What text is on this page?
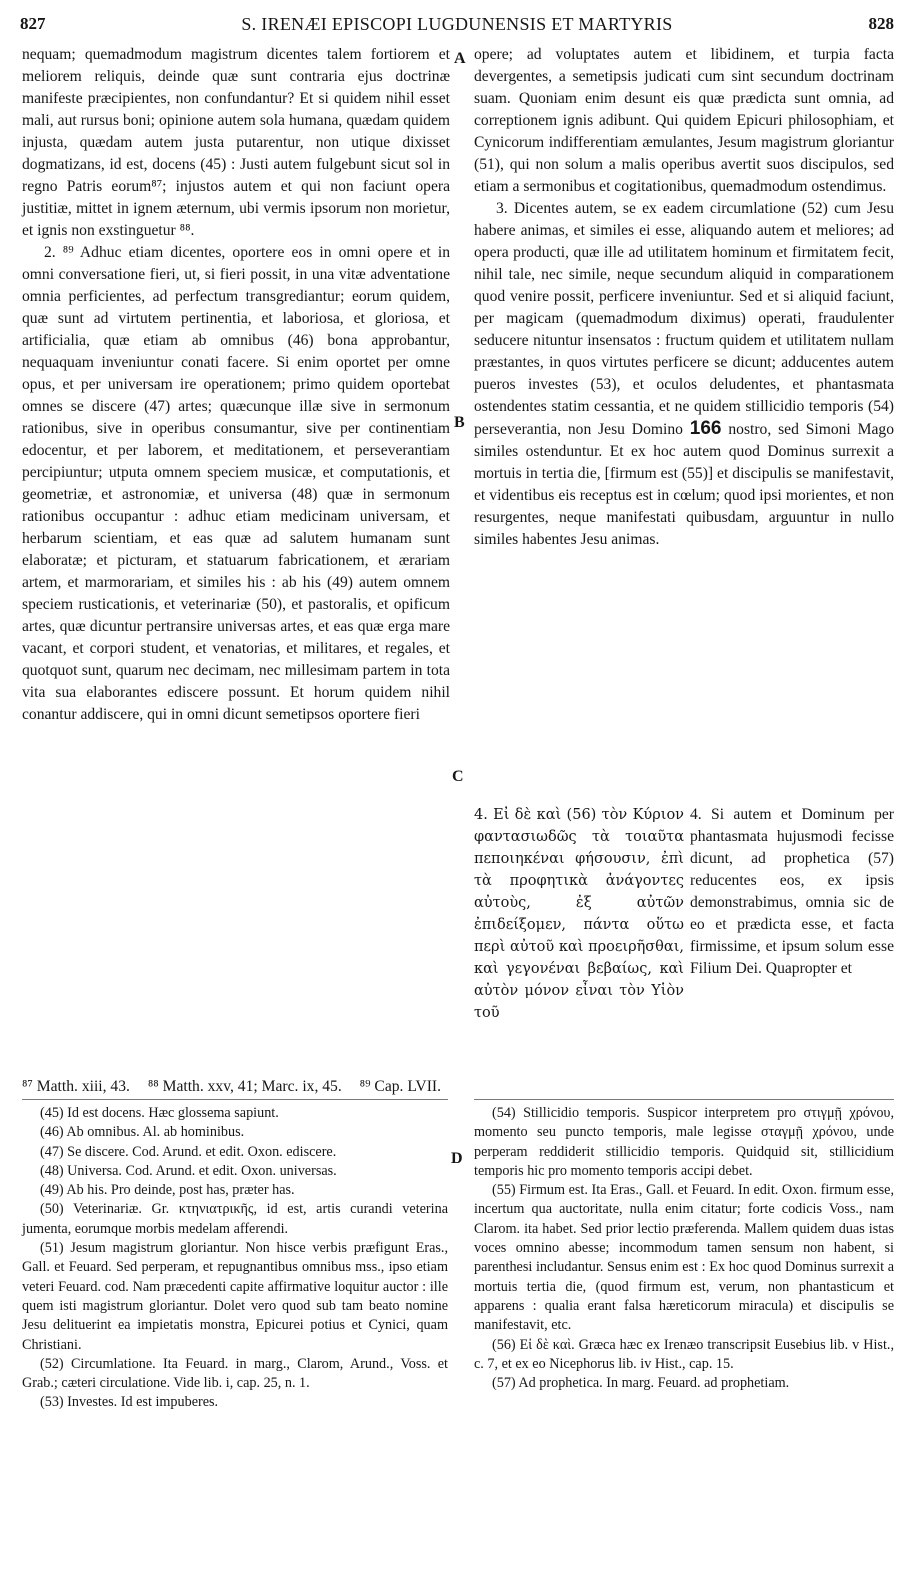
827	S. IRENÆI EPISCOPI LUGDUNENSIS ET MARTYRIS	828

nequam; quemadmodum magistrum dicentes talem fortiorem et meliorem reliquis, deinde quæ sunt contraria ejus doctrinæ manifeste præcipientes, non confundantur? Et si quidem nihil esset mali, aut rursus boni; opinione autem sola humana, quædam quidem injusta, quædam autem justa putarentur, non utique dixisset dogmatizans, id est, docens (45) : Justi autem fulgebunt sicut sol in regno Patris eorum⁸⁷; injustos autem et qui non faciunt opera justitiæ, mittet in ignem æternum, ubi vermis ipsorum non morietur, et ignis non exstinguetur ⁸⁸.

2. ⁸⁹ Adhuc etiam dicentes, oportere eos in omni opere et in omni conversatione fieri, ut, si fieri possit, in una vitæ adventatione omnia perficientes, ad perfectum transgrediantur; eorum quidem, quæ sunt ad virtutem pertinentia, et laboriosa, et gloriosa, et artificialia, quæ etiam ab omnibus (46) bona approbantur, nequaquam inveniuntur conati facere. Si enim oportet per omne opus, et per universam ire operationem; primo quidem oportebat omnes se discere (47) artes; quæcunque illæ sive in sermonum rationibus, sive in operibus consumantur, sive per continentiam edocentur, et per laborem, et meditationem, et perseverantiam percipiuntur; utputa omnem speciem musicæ, et computationis, et geometriæ, et astronomiæ, et universa (48) quæ in sermonum rationibus occupantur : adhuc etiam medicinam universam, et herbarum scientiam, et eas quæ ad salutem humanam sunt elaboratæ; et picturam, et statuarum fabricationem, et ærariam artem, et marmorariam, et similes his : ab his (49) autem omnem speciem rusticationis, et veterinariæ (50), et pastoralis, et opificum artes, quæ dicuntur pertransire universas artes, et eas quæ erga mare vacant, et corpori student, et venatorias, et militares, et regales, et quotquot sunt, quarum nec decimam, nec millesimam partem in tota vita sua elaborantes ediscere possunt. Et horum quidem nihil conantur addiscere, qui in omni dicunt semetipsos oportere fieri

A
B
C
D

opere; ad voluptates autem et libidinem, et turpia facta devergentes, a semetipsis judicati cum sint secundum doctrinam suam. Quoniam enim desunt eis quæ prædicta sunt omnia, ad correptionem ignis adibunt. Qui quidem Epicuri philosophiam, et Cynicorum indifferentiam æmulantes, Jesum magistrum gloriantur (51), qui non solum a malis operibus avertit suos discipulos, sed etiam a sermonibus et cogitationibus, quemadmodum ostendimus.

3. Dicentes autem, se ex eadem circumlatione (52) cum Jesu habere animas, et similes ei esse, aliquando autem et meliores; ad opera producti, quæ ille ad utilitatem hominum et firmitatem fecit, nihil tale, nec simile, neque secundum aliquid in comparationem quod venire possit, perficere inveniuntur. Sed et si aliquid faciunt, per magicam (quemadmodum diximus) operati, fraudulenter seducere nituntur insensatos : fructum quidem et utilitatem nullam præstantes, in quos virtutes perficere se dicunt; adducentes autem pueros investes (53), et oculos deludentes, et phantasmata ostendentes statim cessantia, et ne quidem stillicidio temporis (54) perseverantia, non Jesu Domino 166 nostro, sed Simoni Mago similes ostenduntur. Et ex hoc autem quod Dominus surrexit a mortuis in tertia die, [firmum est (55)] et discipulis se manifestavit, et videntibus eis receptus est in cœlum; quod ipsi morientes, et non resurgentes, neque manifestati quibusdam, arguuntur in nullo similes habentes Jesu animas.

4. Εἰ δὲ καὶ (56) τὸν Κύριον φαντασιωδῶς τὰ τοιαῦτα πεποιηκέναι φήσουσιν, ἐπὶ τὰ προφητικὰ ἀνάγοντες αὐτοὺς, ἐξ αὐτῶν ἐπιδείξομεν, πάντα οὕτω περὶ αὐτοῦ καὶ προειρῆσθαι, καὶ γεγονέναι βεβαίως, καὶ αὐτὸν μόνον εἶναι τὸν Υἱὸν τοῦ

4. Si autem et Dominum per phantasmata hujusmodi fecisse dicunt, ad prophetica (57) reducentes eos, ex ipsis demonstrabimus, omnia sic de eo et prædicta esse, et facta firmissime, et ipsum solum esse Filium Dei. Quapropter et

⁸⁷ Matth. xiii, 43. ⁸⁸ Matth. xxv, 41; Marc. ix, 45. ⁸⁹ Cap. LVII.

(45) Id est docens. Hæc glossema sapiunt.

(46) Ab omnibus. Al. ab hominibus.

(47) Se discere. Cod. Arund. et edit. Oxon. ediscere.

(48) Universa. Cod. Arund. et edit. Oxon. universas.

(49) Ab his. Pro deinde, post has, præter has.

(50) Veterinariæ. Gr. κτηνιατρικῆς, id est, artis curandi veterina jumenta, eorumque morbis medelam afferendi.

(51) Jesum magistrum gloriantur. Non hisce verbis præfigunt Eras., Gall. et Feuard. Sed perperam, et repugnantibus omnibus mss., ipso etiam veteri Feuard. cod. Nam præcedenti capite affirmative loquitur auctor : ille quem isti magistrum gloriantur. Dolet vero quod sub tam beato nomine Jesu delituerint ea impietatis monstra, Epicurei potius et Cynici, quam Christiani.

(52) Circumlatione. Ita Feuard. in marg., Clarom, Arund., Voss. et Grab.; cæteri circulatione. Vide lib. i, cap. 25, n. 1.

(53) Investes. Id est impuberes.

(54) Stillicidio temporis. Suspicor interpretem pro στιγμῇ χρόνου, momento seu puncto temporis, male legisse σταγμῇ χρόνου, unde perperam reddiderit stillicidio temporis. Quidquid sit, stillicidium temporis hic pro momento temporis accipi debet.

(55) Firmum est. Ita Eras., Gall. et Feuard. In edit. Oxon. firmum esse, incertum qua auctoritate, nulla enim citatur; forte codicis Voss., nam Clarom. ita habet. Sed prior lectio præferenda. Mallem quidem duas istas voces omnino abesse; incommodum tamen sensum non habent, si parenthesi includantur. Sensus enim est : Ex hoc quod Dominus surrexit a mortuis tertia die, (quod firmum est, verum, non phantasticum et apparens : qualia erant falsa hæreticorum miracula) et discipulis se manifestavit, etc.

(56) Εἰ δὲ καὶ. Græca hæc ex Irenæo transcripsit Eusebius lib. v Hist., c. 7, et ex eo Nicephorus lib. iv Hist., cap. 15.

(57) Ad prophetica. In marg. Feuard. ad prophetiam.
